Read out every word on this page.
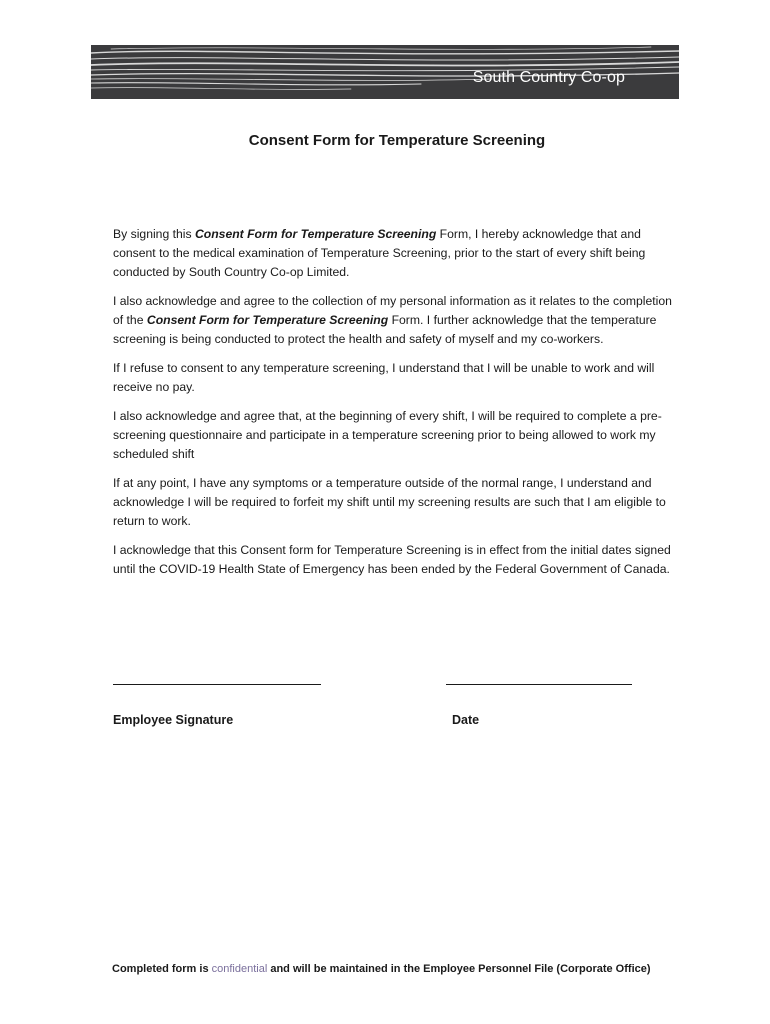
South Country Co-op
Consent Form for Temperature Screening

By signing this Consent Form for Temperature Screening Form, I hereby acknowledge that and consent to the medical examination of Temperature Screening, prior to the start of every shift being conducted by South Country Co-op Limited.

I also acknowledge and agree to the collection of my personal information as it relates to the completion of the Consent Form for Temperature Screening Form. I further acknowledge that the temperature screening is being conducted to protect the health and safety of myself and my co-workers.

If I refuse to consent to any temperature screening, I understand that I will be unable to work and will receive no pay.

I also acknowledge and agree that, at the beginning of every shift, I will be required to complete a pre-screening questionnaire and participate in a temperature screening prior to being allowed to work my scheduled shift

If at any point, I have any symptoms or a temperature outside of the normal range, I understand and acknowledge I will be required to forfeit my shift until my screening results are such that I am eligible to return to work.

I acknowledge that this Consent form for Temperature Screening is in effect from the initial dates signed until the COVID-19 Health State of Emergency has been ended by the Federal Government of Canada.

Employee Signature	Date
Completed form is confidential and will be maintained in the Employee Personnel File (Corporate Office)
